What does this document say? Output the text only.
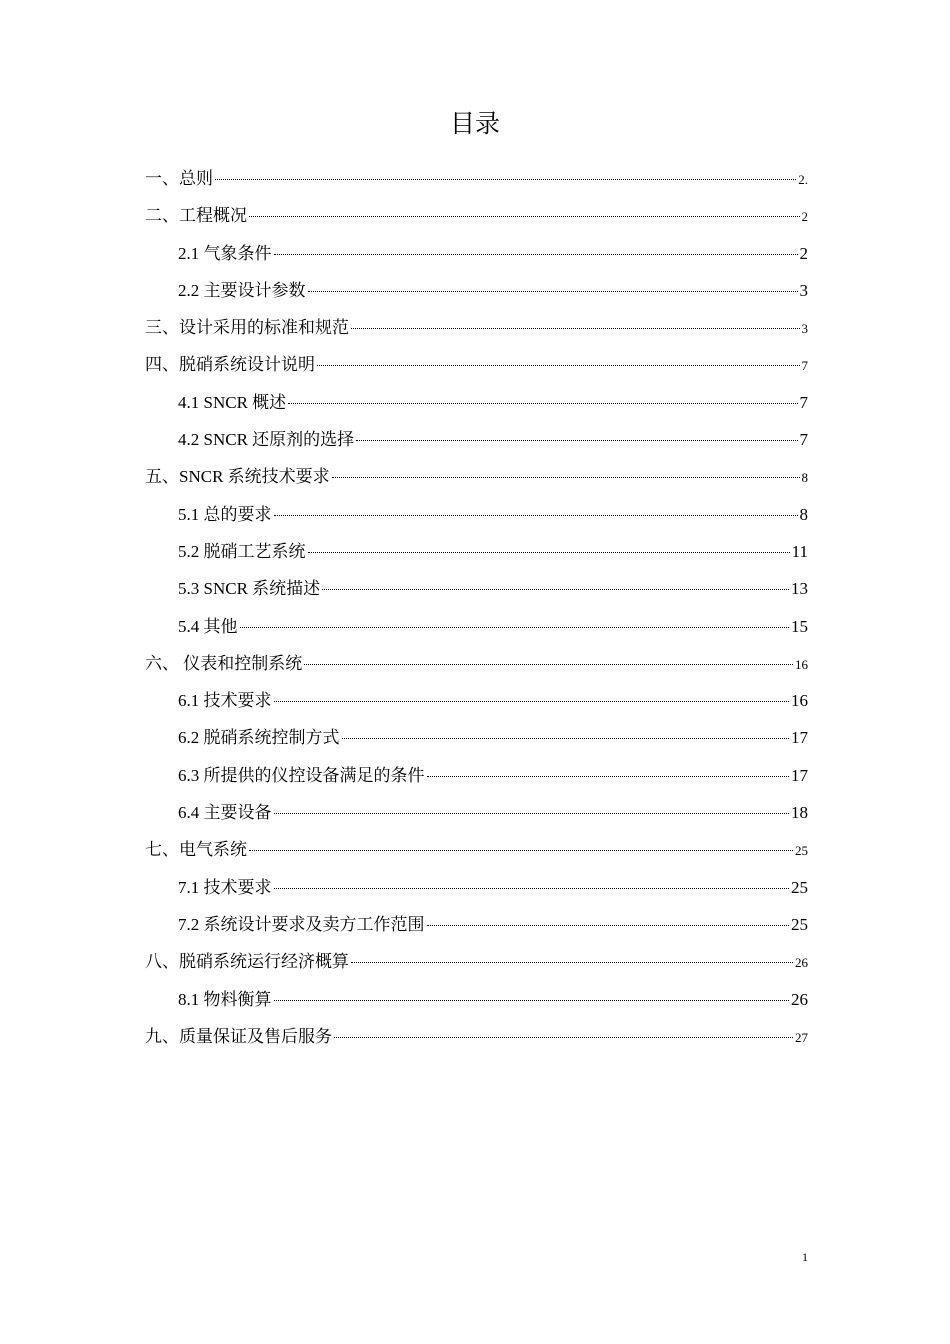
目录
一、总则	2.
二、工程概况	2
2.1 气象条件	2
2.2 主要设计参数	3
三、设计采用的标准和规范	3
四、脱硝系统设计说明	7
4.1 SNCR 概述	7
4.2 SNCR 还原剂的选择	7
五、SNCR 系统技术要求	8
5.1 总的要求	8
5.2 脱硝工艺系统	11
5.3 SNCR 系统描述	13
5.4 其他	15
六、 仪表和控制系统	16
6.1 技术要求	16
6.2 脱硝系统控制方式	17
6.3 所提供的仪控设备满足的条件	17
6.4 主要设备	18
七、电气系统	25
7.1 技术要求	25
7.2 系统设计要求及卖方工作范围	25
八、脱硝系统运行经济概算	26
8.1 物料衡算	26
九、质量保证及售后服务	27
1
